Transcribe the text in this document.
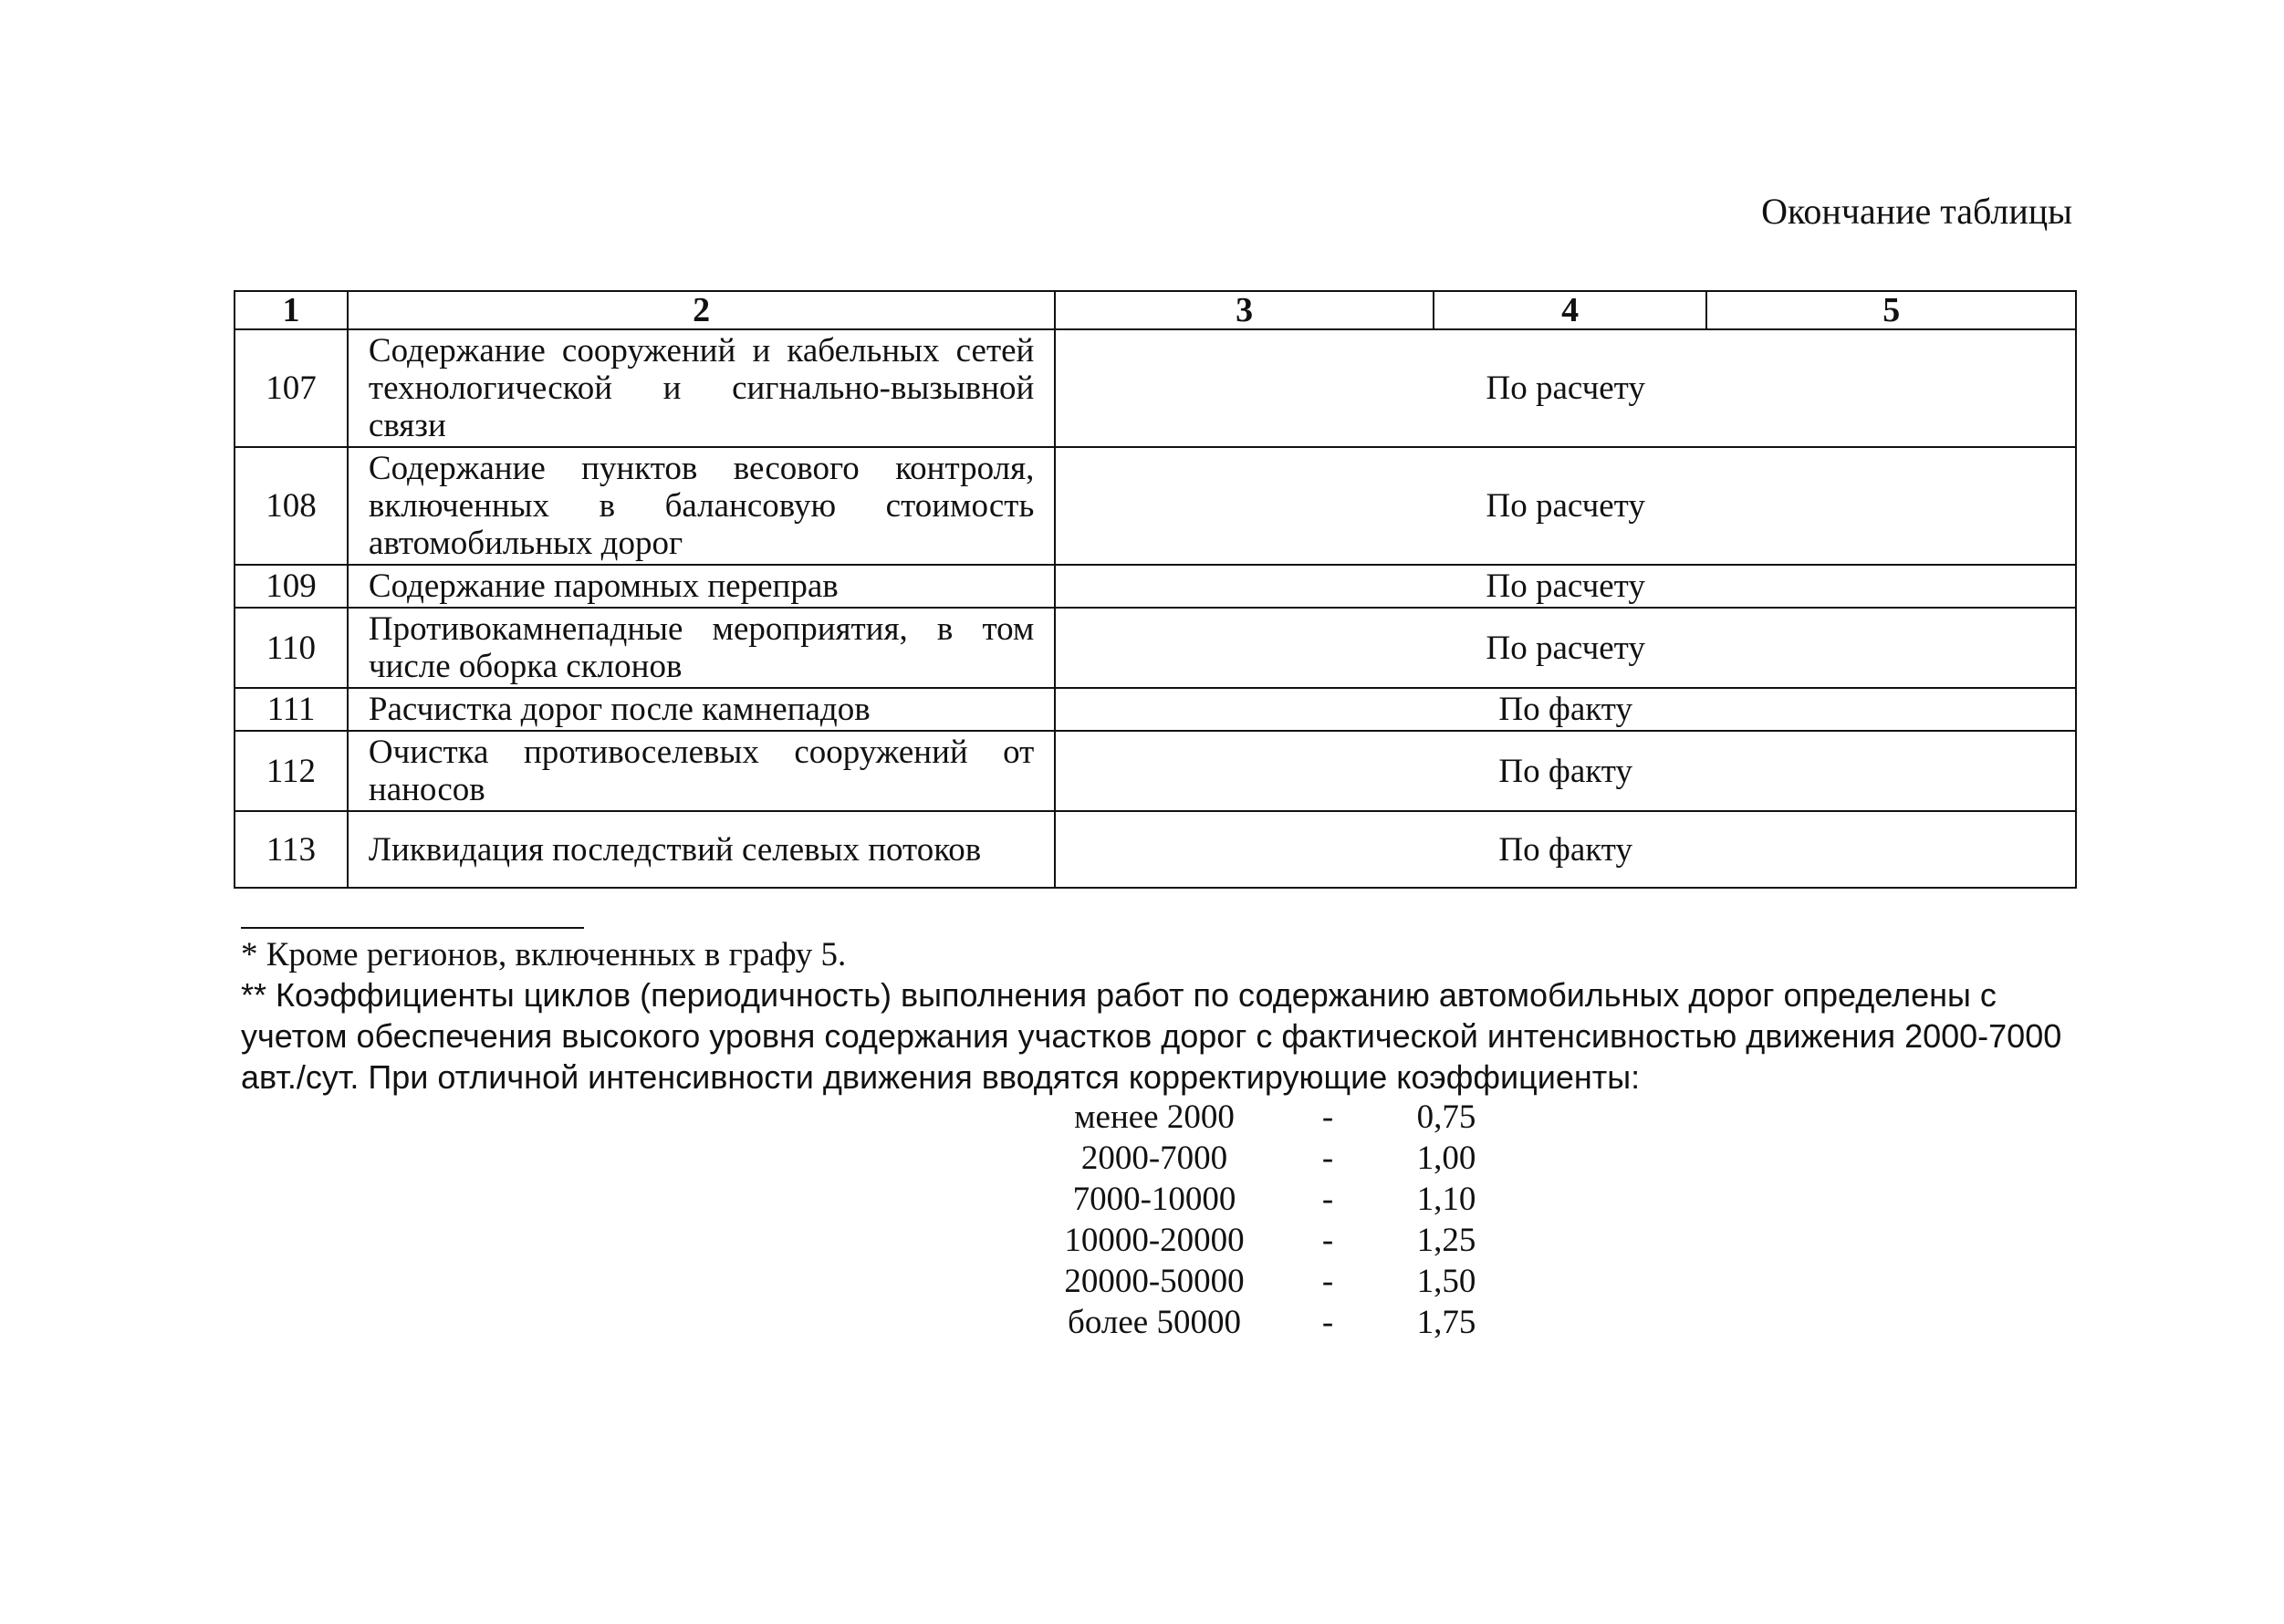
Окончание таблицы
1	2	3	4	5
107	Содержание сооружений и кабельных сетей технологической и сигнально-вызывной связи	По расчету		
108	Содержание пунктов весового контроля, включенных в балансовую стоимость автомобильных дорог	По расчету		
109	Содержание паромных переправ	По расчету		
110	Противокамнепадные мероприятия, в том числе оборка склонов	По расчету		
111	Расчистка дорог после камнепадов	По факту		
112	Очистка противоселевых сооружений от наносов	По факту		
113	Ликвидация последствий селевых потоков	По факту		
* Кроме регионов, включенных в графу 5.
** Коэффициенты циклов (периодичность) выполнения работ по содержанию автомобильных дорог определены с учетом обеспечения высокого уровня содержания участков дорог с фактической интенсивностью движения 2000-7000 авт./сут. При отличной интенсивности движения вводятся корректирующие коэффициенты:
менее 2000	-	0,75
2000-7000	-	1,00
7000-10000	-	1,10
10000-20000	-	1,25
20000-50000	-	1,50
более 50000	-	1,75
